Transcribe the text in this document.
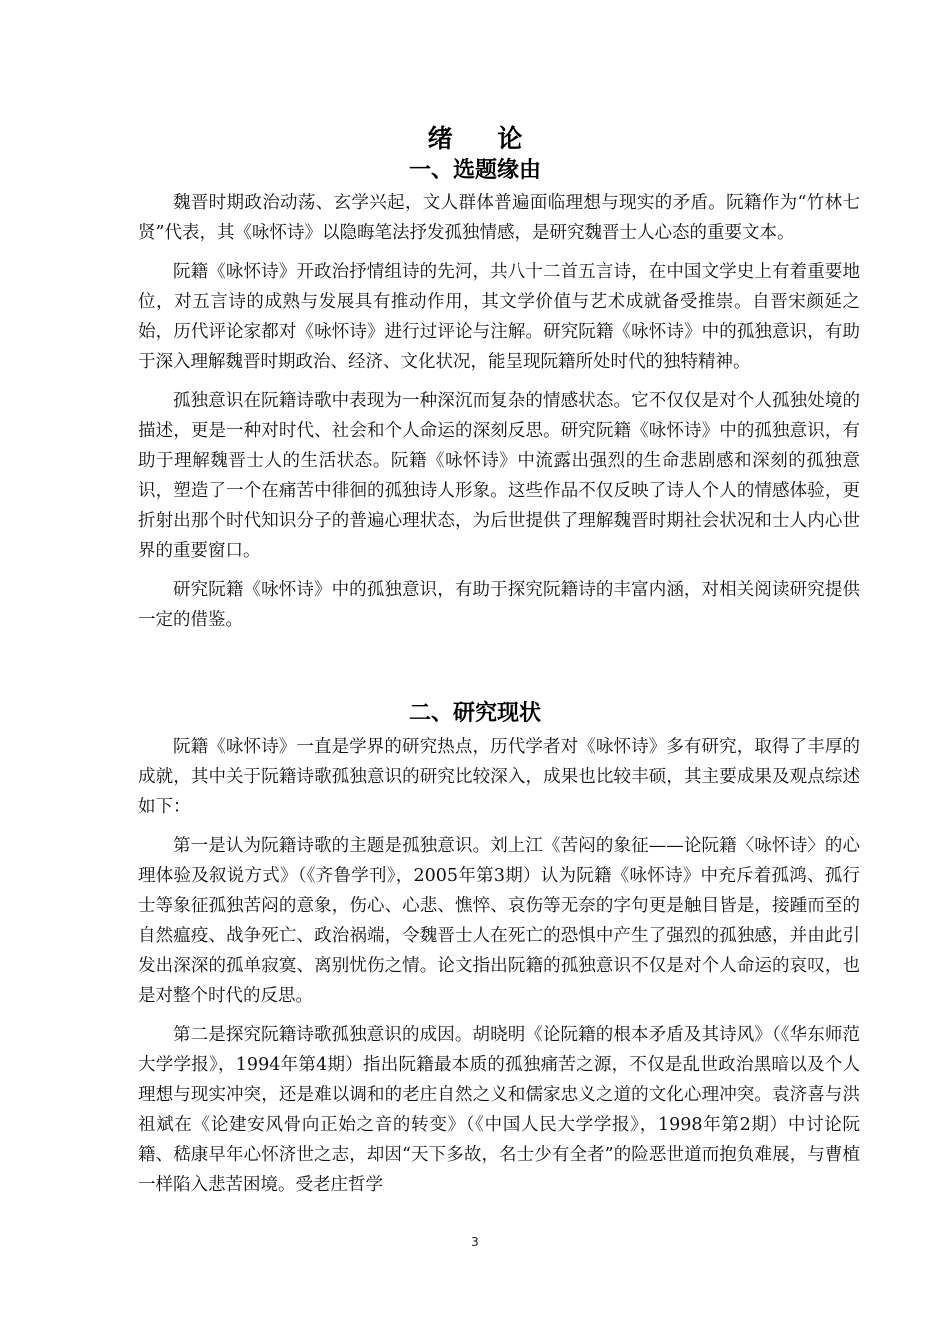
绪 论
一、选题缘由

魏晋时期政治动荡、玄学兴起，文人群体普遍面临理想与现实的矛盾。阮籍作为“竹林七贤”代表，其《咏怀诗》以隐晦笔法抒发孤独情感，是研究魏晋士人心态的重要文本。

阮籍《咏怀诗》开政治抒情组诗的先河，共八十二首五言诗，在中国文学史上有着重要地位，对五言诗的成熟与发展具有推动作用，其文学价值与艺术成就备受推崇。自晋宋颜延之始，历代评论家都对《咏怀诗》进行过评论与注解。研究阮籍《咏怀诗》中的孤独意识，有助于深入理解魏晋时期政治、经济、文化状况，能呈现阮籍所处时代的独特精神。

孤独意识在阮籍诗歌中表现为一种深沉而复杂的情感状态。它不仅仅是对个人孤独处境的描述，更是一种对时代、社会和个人命运的深刻反思。研究阮籍《咏怀诗》中的孤独意识，有助于理解魏晋士人的生活状态。阮籍《咏怀诗》中流露出强烈的生命悲剧感和深刻的孤独意识，塑造了一个在痛苦中徘徊的孤独诗人形象。这些作品不仅反映了诗人个人的情感体验，更折射出那个时代知识分子的普遍心理状态，为后世提供了理解魏晋时期社会状况和士人内心世界的重要窗口。

研究阮籍《咏怀诗》中的孤独意识，有助于探究阮籍诗的丰富内涵，对相关阅读研究提供一定的借鉴。

二、研究现状

阮籍《咏怀诗》一直是学界的研究热点，历代学者对《咏怀诗》多有研究，取得了丰厚的成就，其中关于阮籍诗歌孤独意识的研究比较深入，成果也比较丰硕，其主要成果及观点综述如下：

第一是认为阮籍诗歌的主题是孤独意识。刘上江《苦闷的象征——论阮籍〈咏怀诗〉的心理体验及叙说方式》（《齐鲁学刊》，2005年第3期）认为阮籍《咏怀诗》中充斥着孤鸿、孤行士等象征孤独苦闷的意象，伤心、心悲、憔悴、哀伤等无奈的字句更是触目皆是，接踵而至的自然瘟疫、战争死亡、政治祸端，令魏晋士人在死亡的恐惧中产生了强烈的孤独感，并由此引发出深深的孤单寂寞、离别忧伤之情。论文指出阮籍的孤独意识不仅是对个人命运的哀叹，也是对整个时代的反思。

第二是探究阮籍诗歌孤独意识的成因。胡晓明《论阮籍的根本矛盾及其诗风》（《华东师范大学学报》，1994年第4期）指出阮籍最本质的孤独痛苦之源，不仅是乱世政治黑暗以及个人理想与现实冲突，还是难以调和的老庄自然之义和儒家忠义之道的文化心理冲突。袁济喜与洪祖斌在《论建安风骨向正始之音的转变》（《中国人民大学学报》，1998年第2期）中讨论阮籍、嵇康早年心怀济世之志，却因“天下多故，名士少有全者”的险恶世道而抱负难展，与曹植一样陷入悲苦困境。受老庄哲学

3
